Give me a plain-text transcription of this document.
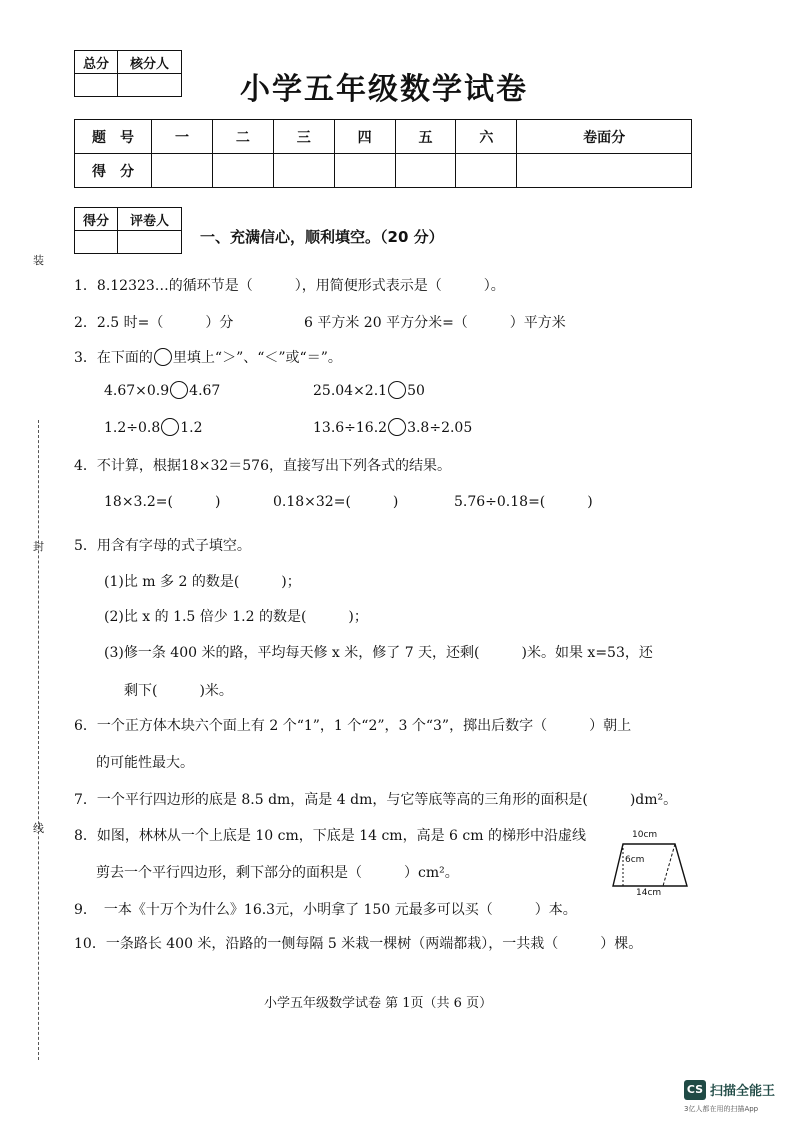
装
封
线
总分	核分人

小学五年级数学试卷
题　号	一	二	三	四	五	六	卷面分
得　分							
得分	评卷人

一、充满信心，顺利填空。（20 分）
1．8.12323…的循环节是（　　　），用简便形式表示是（　　　）。
2．2.5 时=（　　　）分	6 平方米 20 平方分米=（　　　）平方米
3．在下面的 里填上“＞”、“＜”或“＝”。
4.67×0.9 4.67	25.04×2.1 50
1.2÷0.8 1.2	13.6÷16.2 3.8÷2.05
4．不计算，根据18×32＝576，直接写出下列各式的结果。
18×3.2=(　　　)	0.18×32=(　　　)	5.76÷0.18=(　　　)
5．用含有字母的式子填空。
(1)比 m 多 2 的数是(　　　)；
(2)比 x 的 1.5 倍少 1.2 的数是(　　　)；
(3)修一条 400 米的路，平均每天修 x 米，修了 7 天，还剩(　　　)米。如果 x=53，还
剩下(　　　)米。
6．一个正方体木块六个面上有 2 个“1”，1 个“2”，3 个“3”，掷出后数字（　　　）朝上
的可能性最大。
7．一个平行四边形的底是 8.5 dm，高是 4 dm，与它等底等高的三角形的面积是(　　　)dm²。
8．如图，林林从一个上底是 10 cm，下底是 14 cm，高是 6 cm 的梯形中沿虚线
剪去一个平行四边形，剩下部分的面积是（　　　）cm²。
10cm
6cm
14cm
9．　一本《十万个为什么》16.3元，小明拿了 150 元最多可以买（　　　）本。
10．一条路长 400 米，沿路的一侧每隔 5 米栽一棵树（两端都栽），一共栽（　　　）棵。
小学五年级数学试卷 第 1页（共 6 页）
CS 扫描全能王
3亿人都在用的扫描App
